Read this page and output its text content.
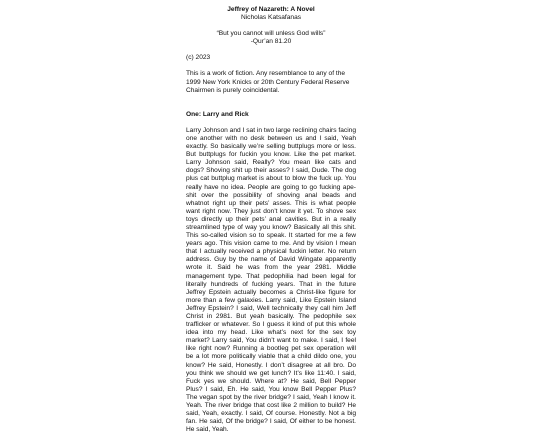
Jeffrey of Nazareth: A Novel

Nicholas Katsafanas

“But you cannot will unless God wills”

-Qur’an 81.20

(c) 2023

This is a work of fiction. Any resemblance to any of the 1999 New York Knicks or 20th Century Federal Reserve Chairmen is purely coincidental.

One: Larry and Rick

Larry Johnson and I sat in two large reclining chairs facing one another with no desk between us and I said, Yeah exactly. So basically we’re selling buttplugs more or less. But buttplugs for fuckin you know. Like the pet market. Larry Johnson said, Really? You mean like cats and dogs? Shoving shit up their asses? I said, Dude. The dog plus cat buttplug market is about to blow the fuck up. You really have no idea. People are going to go fucking ape-shit over the possibility of shoving anal beads and whatnot right up their pets’ asses. This is what people want right now. They just don’t know it yet. To shove sex toys directly up their pets’ anal cavities. But in a really streamlined type of way you know? Basically all this shit. This so-called vision so to speak. It started for me a few years ago. This vision came to me. And by vision I mean that I actually received a physical fuckin letter. No return address. Guy by the name of David Wingate apparently wrote it. Said he was from the year 2981. Middle management type. That pedophilia had been legal for literally hundreds of fucking years. That in the future Jeffrey Epstein actually becomes a Christ-like figure for more than a few galaxies. Larry said, Like Epstein Island Jeffrey Epstein? I said, Well technically they call him Jeff Christ in 2981. But yeah basically. The pedophile sex trafficker or whatever. So I guess it kind of put this whole idea into my head. Like what’s next for the sex toy market? Larry said, You didn’t want to make. I said, I feel like right now? Running a bootleg pet sex operation will be a lot more politically viable that a child dildo one, you know? He said, Honestly. I don’t disagree at all bro. Do you think we should we get lunch? It’s like 11:40. I said, Fuck yes we should. Where at? He said, Bell Pepper Plus? I said, Eh. He said, You know Bell Pepper Plus? The vegan spot by the river bridge? I said, Yeah I know it. Yeah. The river bridge that cost like 2 million to build? He said, Yeah, exactly. I said, Of course. Honestly. Not a big fan. He said, Of the bridge? I said, Of either to be honest. He said, Yeah.
